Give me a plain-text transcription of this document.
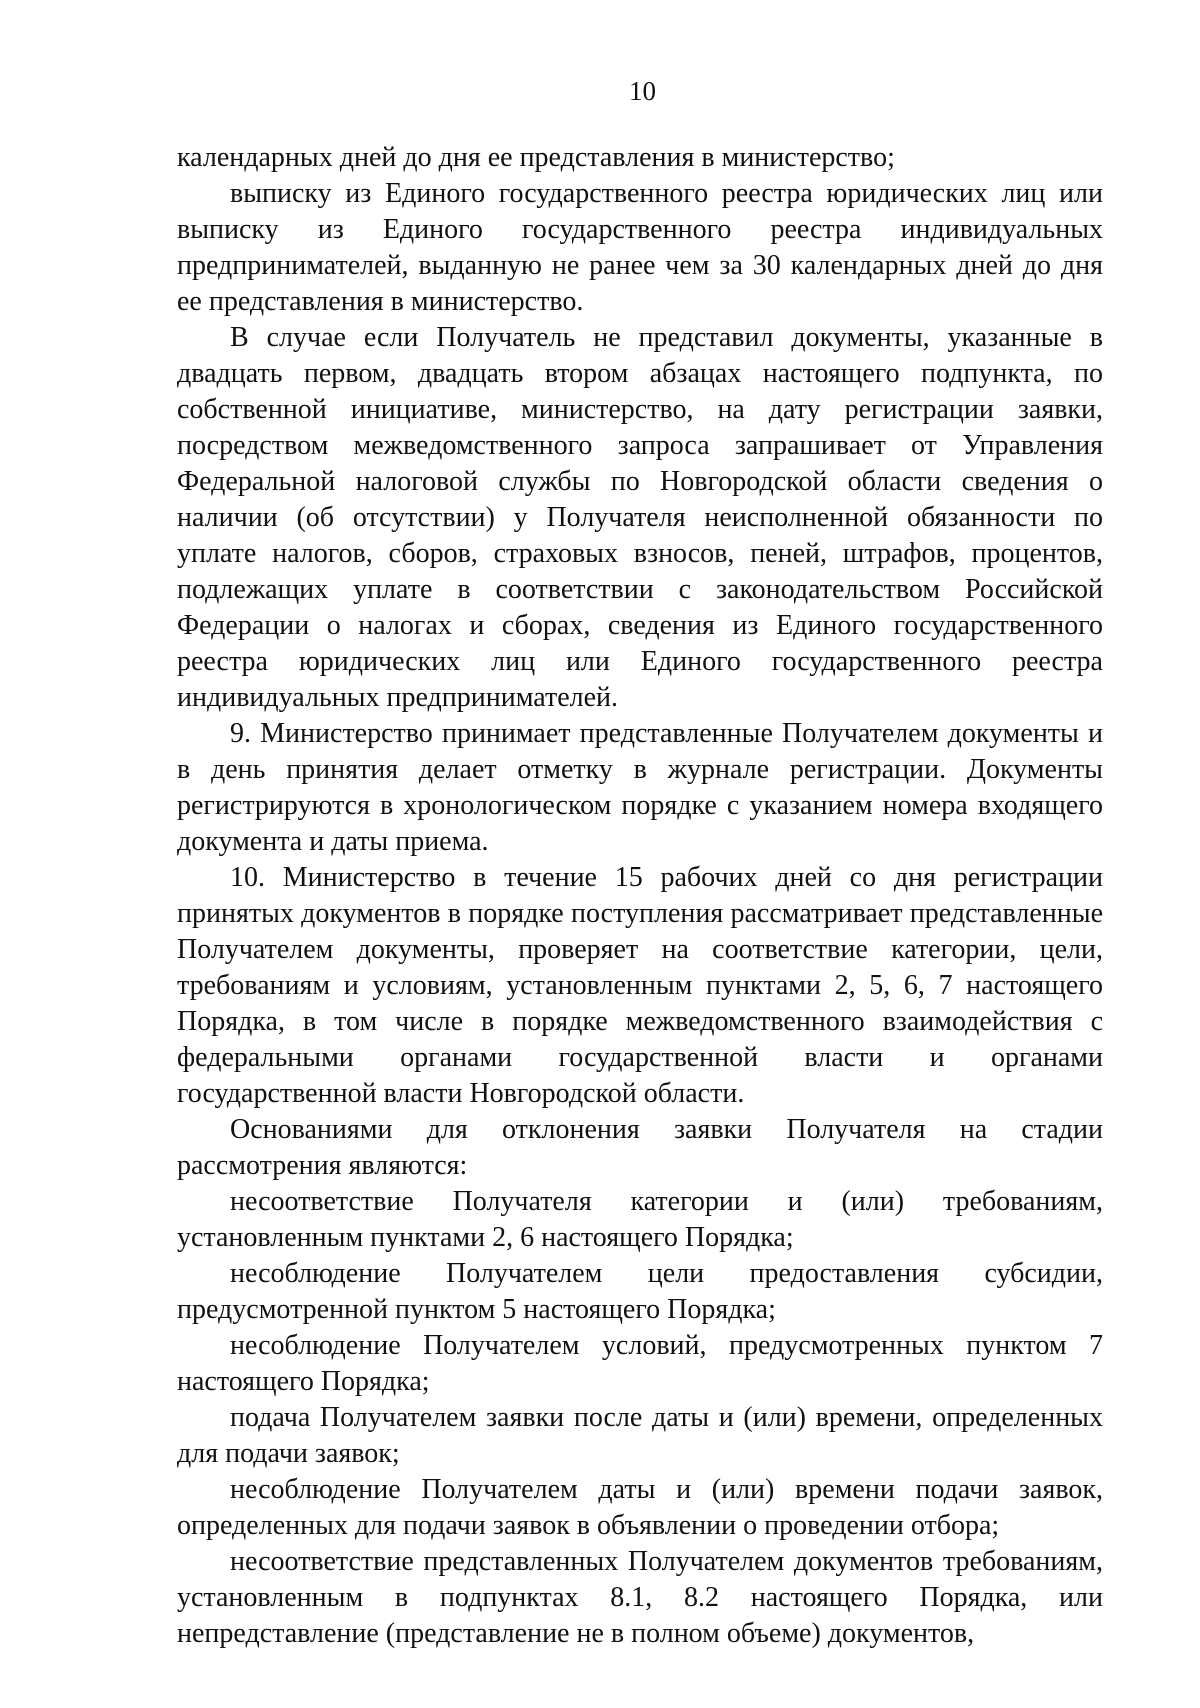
10

календарных дней до дня ее представления в министерство;

выписку из Единого государственного реестра юридических лиц или выписку из Единого государственного реестра индивидуальных предпринимателей, выданную не ранее чем за 30 календарных дней до дня ее представления в министерство.

В случае если Получатель не представил документы, указанные в двадцать первом, двадцать втором абзацах настоящего подпункта, по собственной инициативе, министерство, на дату регистрации заявки, посредством межведомственного запроса запрашивает от Управления Федеральной налоговой службы по Новгородской области сведения о наличии (об отсутствии) у Получателя неисполненной обязанности по уплате налогов, сборов, страховых взносов, пеней, штрафов, процентов, подлежащих уплате в соответствии с законодательством Российской Федерации о налогах и сборах, сведения из Единого государственного реестра юридических лиц или Единого государственного реестра индивидуальных предпринимателей.

9. Министерство принимает представленные Получателем документы и в день принятия делает отметку в журнале регистрации. Документы регистрируются в хронологическом порядке с указанием номера входящего документа и даты приема.

10. Министерство в течение 15 рабочих дней со дня регистрации принятых документов в порядке поступления рассматривает представленные Получателем документы, проверяет на соответствие категории, цели, требованиям и условиям, установленным пунктами 2, 5, 6, 7 настоящего Порядка, в том числе в порядке межведомственного взаимодействия с федеральными органами государственной власти и органами государственной власти Новгородской области.

Основаниями для отклонения заявки Получателя на стадии рассмотрения являются:

несоответствие Получателя категории и (или) требованиям, установленным пунктами 2, 6 настоящего Порядка;

несоблюдение Получателем цели предоставления субсидии, предусмотренной пунктом 5 настоящего Порядка;

несоблюдение Получателем условий, предусмотренных пунктом 7 настоящего Порядка;

подача Получателем заявки после даты и (или) времени, определенных для подачи заявок;

несоблюдение Получателем даты и (или) времени подачи заявок, определенных для подачи заявок в объявлении о проведении отбора;

несоответствие представленных Получателем документов требованиям, установленным в подпунктах 8.1, 8.2 настоящего Порядка, или непредставление (представление не в полном объеме) документов,
